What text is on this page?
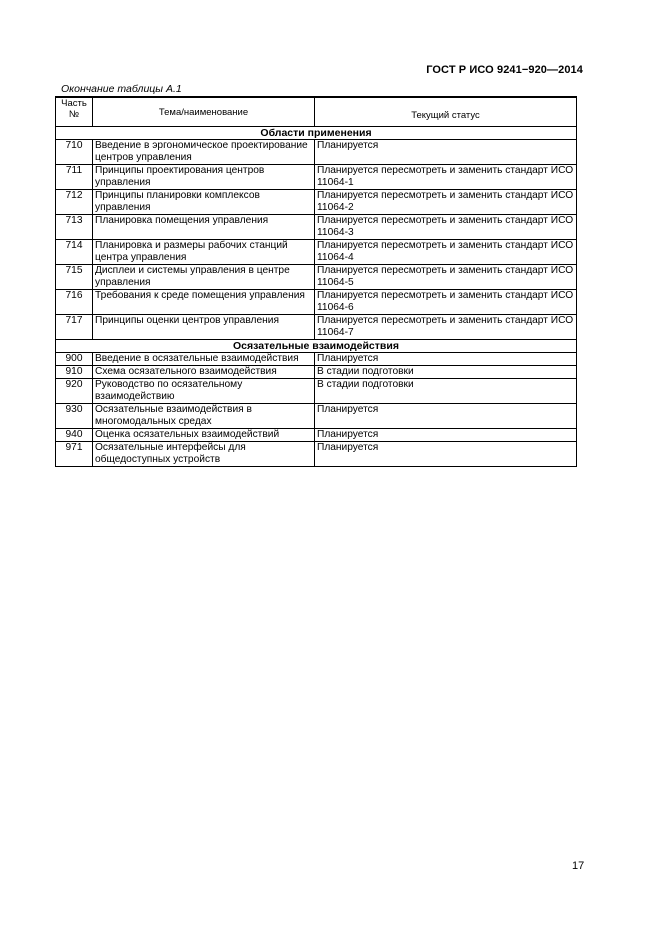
ГОСТ Р ИСО 9241−920—2014
Окончание таблицы А.1
Часть №	Тема/наименование	Текущий статус
Области применения		
710	Введение в эргономическое проектирование центров управления	Планируется
711	Принципы проектирования центров управления	Планируется пересмотреть и заменить стандарт ИСО 11064-1
712	Принципы планировки комплексов управления	Планируется пересмотреть и заменить стандарт ИСО 11064-2
713	Планировка помещения управления	Планируется пересмотреть и заменить стандарт ИСО 11064-3
714	Планировка и размеры рабочих станций центра управления	Планируется пересмотреть и заменить стандарт ИСО 11064-4
715	Дисплеи и системы управления в центре управления	Планируется пересмотреть и заменить стандарт ИСО 11064-5
716	Требования к среде помещения управления	Планируется пересмотреть и заменить стандарт ИСО 11064-6
717	Принципы оценки центров управления	Планируется пересмотреть и заменить стандарт ИСО 11064-7
Осязательные взаимодействия		
900	Введение в осязательные взаимодействия	Планируется
910	Схема осязательного взаимодействия	В стадии подготовки
920	Руководство по осязательному взаимодействию	В стадии подготовки
930	Осязательные взаимодействия в многомодальных средах	Планируется
940	Оценка осязательных взаимодействий	Планируется
971	Осязательные интерфейсы для общедоступных устройств	Планируется
17
